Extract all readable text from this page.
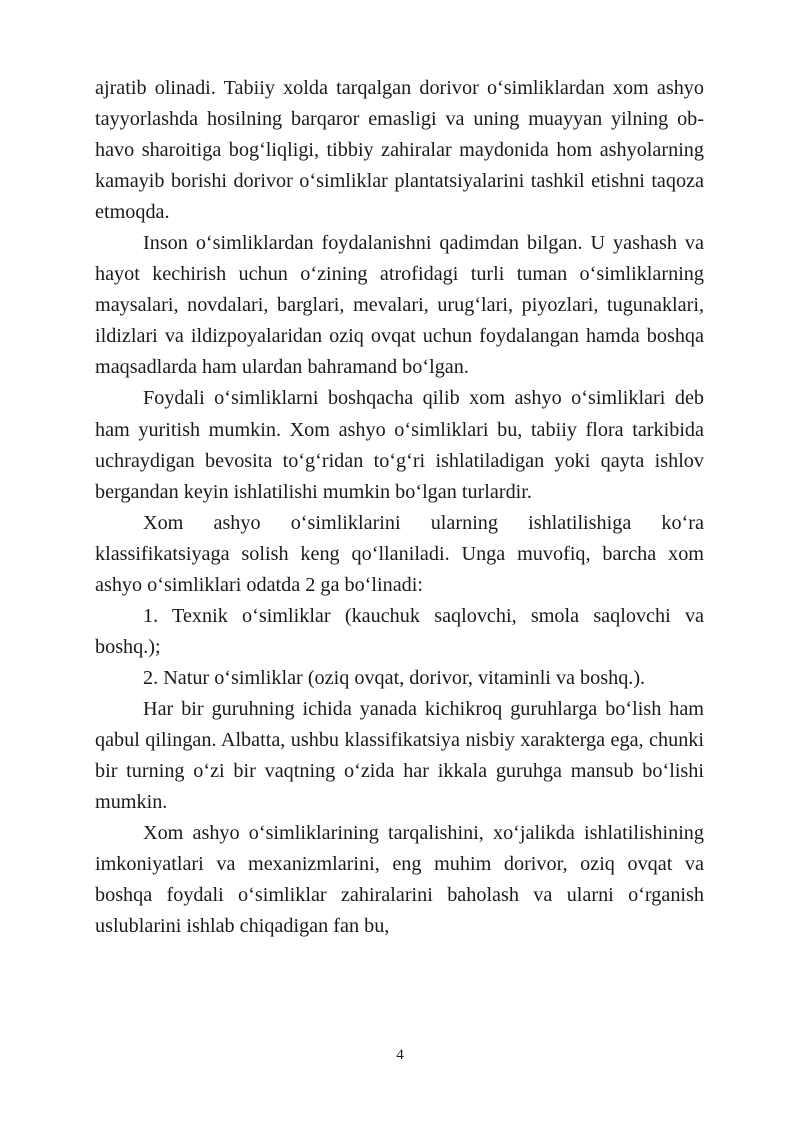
ajratib olinadi. Tabiiy xolda tarqalgan dorivor o‘simliklardan xom ashyo tayyorlashda hosilning barqaror emasligi va uning muayyan yilning ob-havo sharoitiga bog‘liqligi, tibbiy zahiralar maydonida hom ashyolarning kamayib borishi dorivor o‘simliklar plantatsiyalarini tashkil etishni taqoza etmoqda.

Inson o‘simliklardan foydalanishni qadimdan bilgan. U yashash va hayot kechirish uchun o‘zining atrofidagi turli tuman o‘simliklarning maysalari, novdalari, barglari, mevalari, urug‘lari, piyozlari, tugunaklari, ildizlari va ildizpoyalaridan oziq ovqat uchun foydalangan hamda boshqa maqsadlarda ham ulardan bahramand bo‘lgan.

Foydali o‘simliklarni boshqacha qilib xom ashyo o‘simliklari deb ham yuritish mumkin. Xom ashyo o‘simliklari bu, tabiiy flora tarkibida uchraydigan bevosita to‘g‘ridan to‘g‘ri ishlatiladigan yoki qayta ishlov bergandan keyin ishlatilishi mumkin bo‘lgan turlardir.

Xom ashyo o‘simliklarini ularning ishlatilishiga ko‘ra klassifikatsiyaga solish keng qo‘llaniladi. Unga muvofiq, barcha xom ashyo o‘simliklari odatda 2 ga bo‘linadi:

1. Texnik o‘simliklar (kauchuk saqlovchi, smola saqlovchi va boshq.);

2. Natur o‘simliklar (oziq ovqat, dorivor, vitaminli va boshq.).

Har bir guruhning ichida yanada kichikroq guruhlarga bo‘lish ham qabul qilingan. Albatta, ushbu klassifikatsiya nisbiy xarakterga ega, chunki bir turning o‘zi bir vaqtning o‘zida har ikkala guruhga mansub bo‘lishi mumkin.

Xom ashyo o‘simliklarining tarqalishini, xo‘jalikda ishlatilishining imkoniyatlari va mexanizmlarini, eng muhim dorivor, oziq ovqat va boshqa foydali o‘simliklar zahiralarini baholash va ularni o‘rganish uslublarini ishlab chiqadigan fan bu,

4
